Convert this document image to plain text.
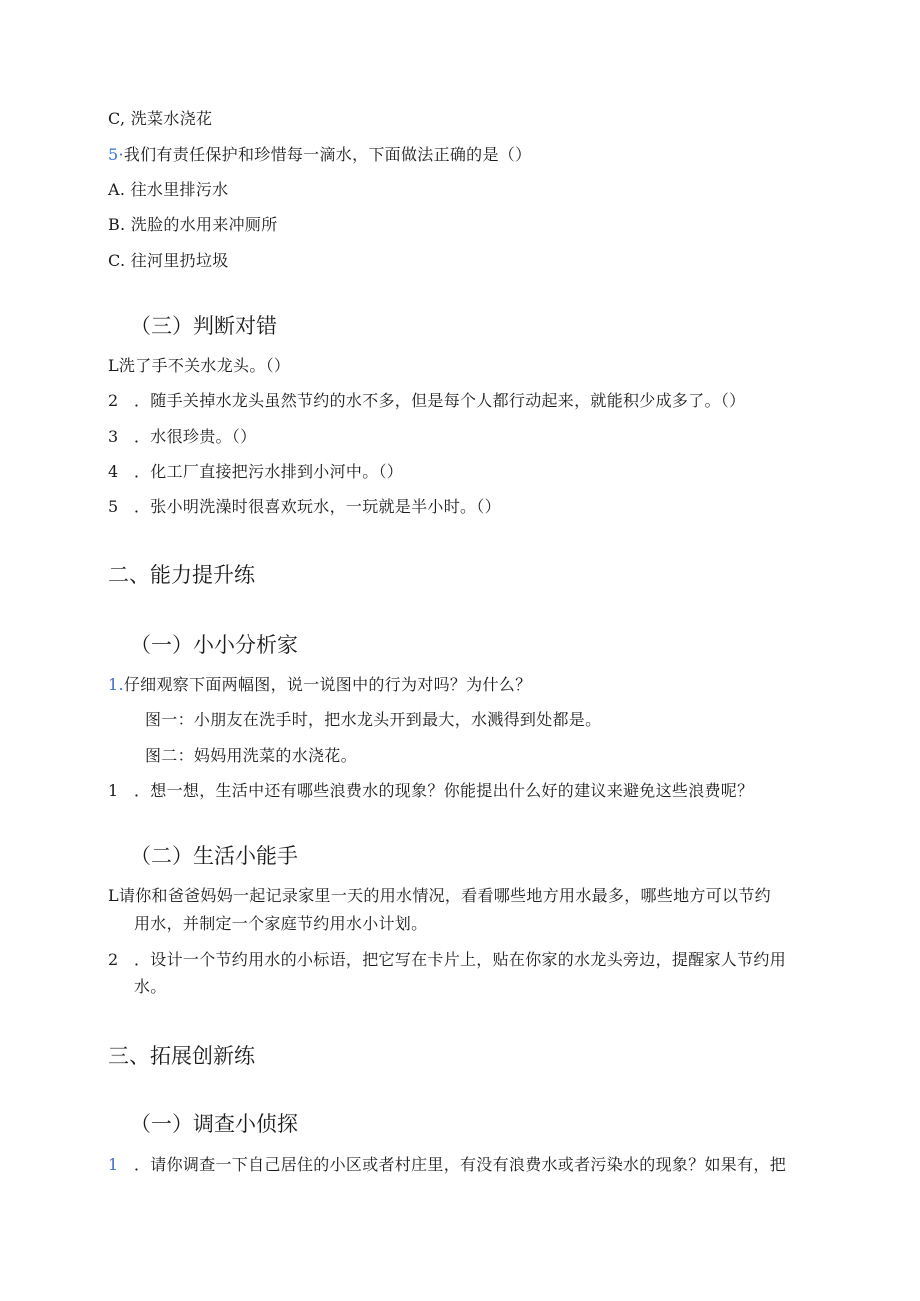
C, 洗菜水浇花
5·我们有责任保护和珍惜每一滴水，下面做法正确的是（）
A. 往水里排污水
B. 洗脸的水用来冲厕所
C. 往河里扔垃圾
（三）判断对错
L洗了手不关水龙头。（）
2 ．随手关掉水龙头虽然节约的水不多，但是每个人都行动起来，就能积少成多了。（）
3 ．水很珍贵。（）
4 ．化工厂直接把污水排到小河中。（）
5 ．张小明洗澡时很喜欢玩水，一玩就是半小时。（）
二、能力提升练
（一）小小分析家
1.仔细观察下面两幅图，说一说图中的行为对吗？为什么？
图一：小朋友在洗手时，把水龙头开到最大，水溅得到处都是。
图二：妈妈用洗菜的水浇花。
1 ．想一想，生活中还有哪些浪费水的现象？你能提出什么好的建议来避免这些浪费呢？
（二）生活小能手
L请你和爸爸妈妈一起记录家里一天的用水情况，看看哪些地方用水最多，哪些地方可以节约
用水，并制定一个家庭节约用水小计划。
2 ．设计一个节约用水的小标语，把它写在卡片上，贴在你家的水龙头旁边，提醒家人节约用
水。
三、拓展创新练
（一）调查小侦探
1 ．请你调查一下自己居住的小区或者村庄里，有没有浪费水或者污染水的现象？如果有，把
